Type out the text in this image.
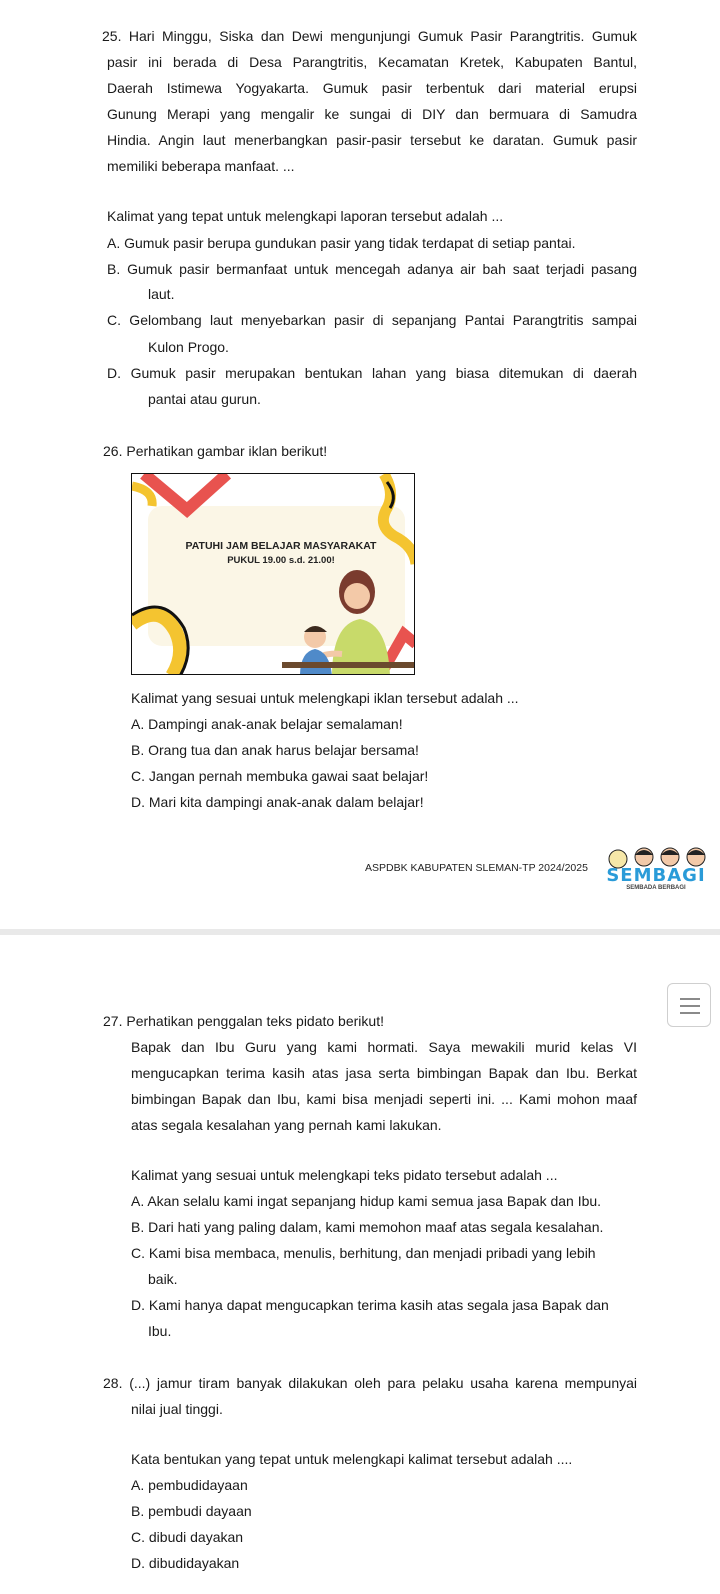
25. Hari Minggu, Siska dan Dewi mengunjungi Gumuk Pasir Parangtritis. Gumuk
pasir ini berada di Desa Parangtritis, Kecamatan Kretek, Kabupaten Bantul,
Daerah Istimewa Yogyakarta. Gumuk pasir terbentuk dari material erupsi
Gunung Merapi yang mengalir ke sungai di DIY dan bermuara di Samudra
Hindia. Angin laut menerbangkan pasir-pasir tersebut ke daratan. Gumuk pasir
memiliki beberapa manfaat. ...
Kalimat yang tepat untuk melengkapi laporan tersebut adalah ...
A. Gumuk pasir berupa gundukan pasir yang tidak terdapat di setiap pantai.
B. Gumuk pasir bermanfaat untuk mencegah adanya air bah saat terjadi pasang
laut.
C. Gelombang laut menyebarkan pasir di sepanjang Pantai Parangtritis sampai
Kulon Progo.
D. Gumuk pasir merupakan bentukan lahan yang biasa ditemukan di daerah
pantai atau gurun.
26. Perhatikan gambar iklan berikut!
PATUHI JAM BELAJAR MASYARAKAT
PUKUL 19.00 s.d. 21.00!
Kalimat yang sesuai untuk melengkapi iklan tersebut adalah ...
A. Dampingi anak-anak belajar semalaman!
B. Orang tua dan anak harus belajar bersama!
C. Jangan pernah membuka gawai saat belajar!
D. Mari kita dampingi anak-anak dalam belajar!
ASPDBK KABUPATEN SLEMAN-TP 2024/2025 SEMBAGI
SEMBADA BERBAGI
27. Perhatikan penggalan teks pidato berikut!
Bapak dan Ibu Guru yang kami hormati. Saya mewakili murid kelas VI
mengucapkan terima kasih atas jasa serta bimbingan Bapak dan Ibu. Berkat
bimbingan Bapak dan Ibu, kami bisa menjadi seperti ini. ... Kami mohon maaf
atas segala kesalahan yang pernah kami lakukan.
Kalimat yang sesuai untuk melengkapi teks pidato tersebut adalah ...
A. Akan selalu kami ingat sepanjang hidup kami semua jasa Bapak dan Ibu.
B. Dari hati yang paling dalam, kami memohon maaf atas segala kesalahan.
C. Kami bisa membaca, menulis, berhitung, dan menjadi pribadi yang lebih
baik.
D. Kami hanya dapat mengucapkan terima kasih atas segala jasa Bapak dan
Ibu.
28. (...) jamur tiram banyak dilakukan oleh para pelaku usaha karena mempunyai
nilai jual tinggi.
Kata bentukan yang tepat untuk melengkapi kalimat tersebut adalah ....
A. pembudidayaan
B. pembudi dayaan
C. dibudi dayakan
D. dibudidayakan
